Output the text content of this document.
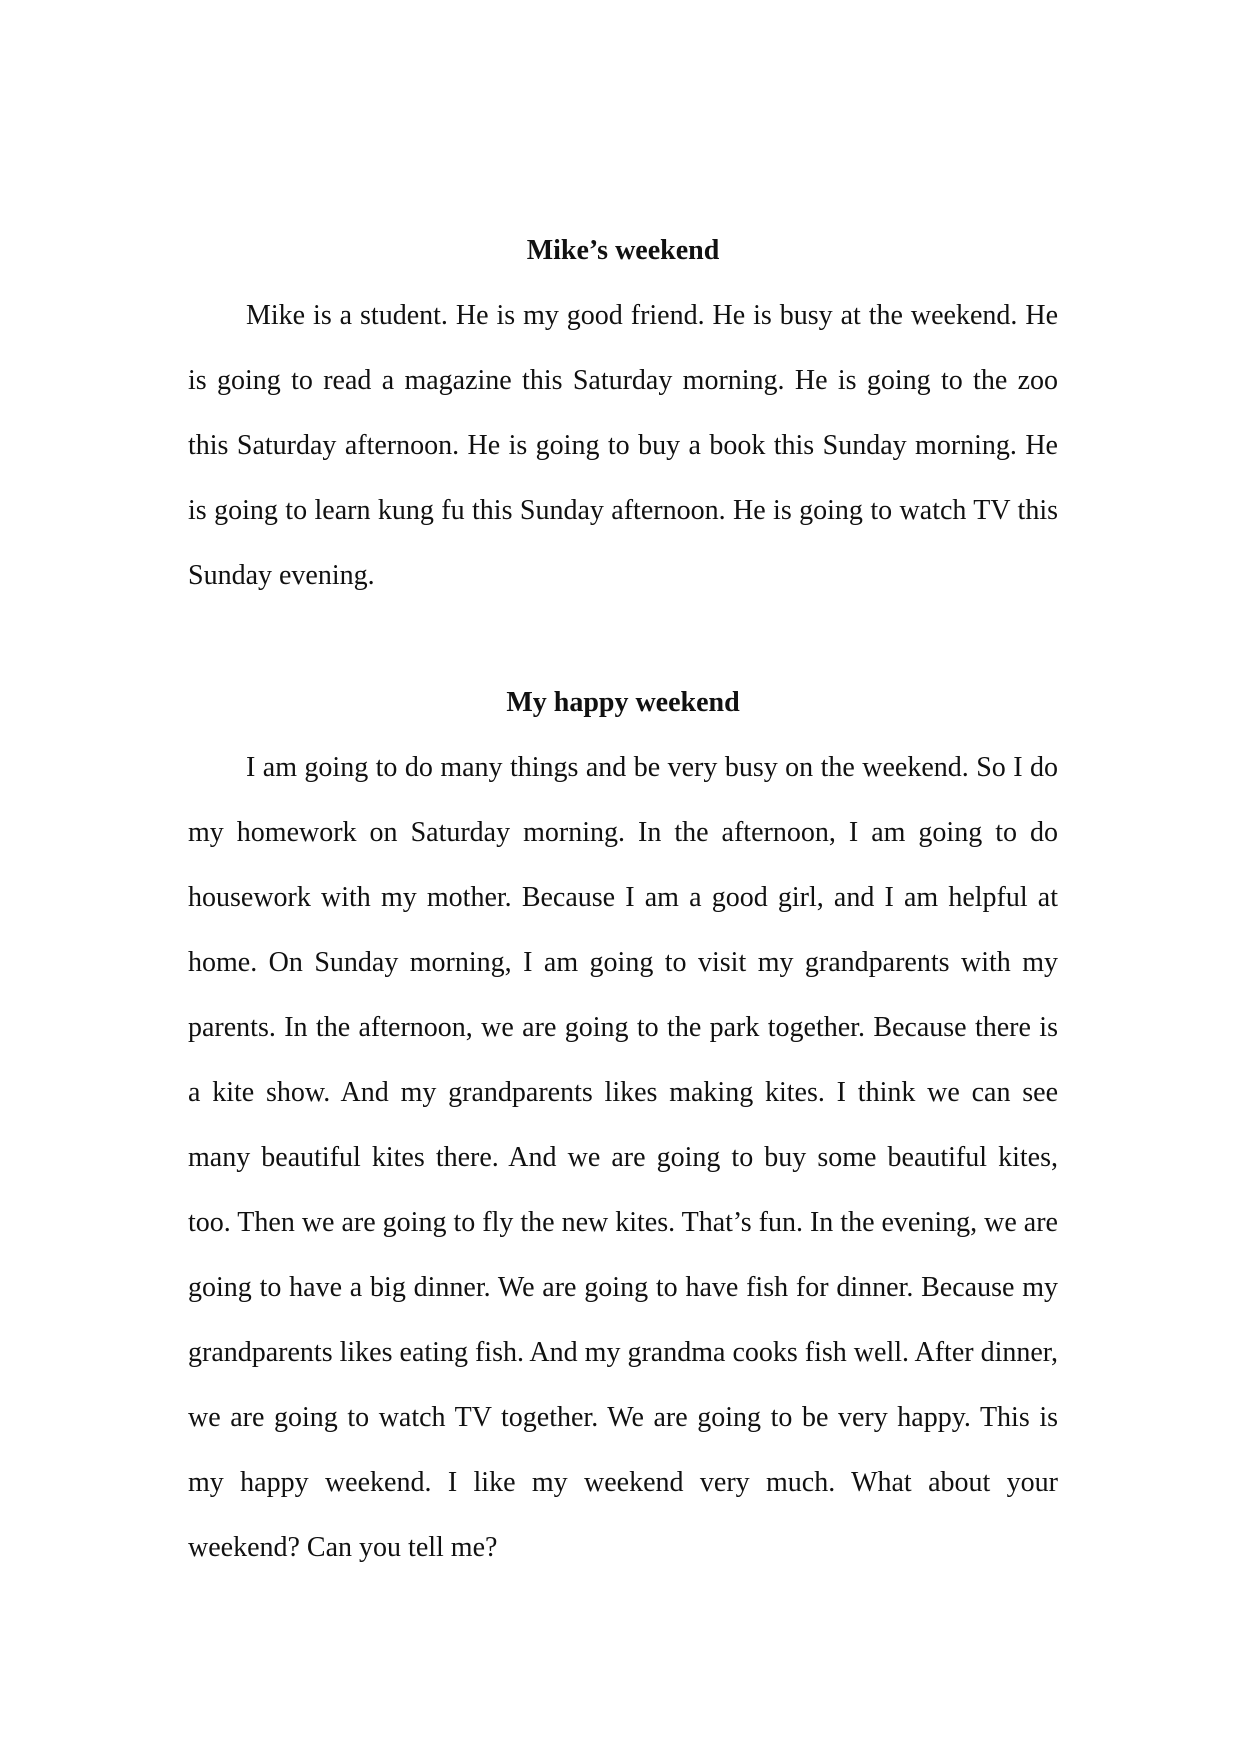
Mike’s weekend

Mike is a student. He is my good friend. He is busy at the weekend. He is going to read a magazine this Saturday morning. He is going to the zoo this Saturday afternoon. He is going to buy a book this Sunday morning. He is going to learn kung fu this Sunday afternoon. He is going to watch TV this Sunday evening.

My happy weekend

I am going to do many things and be very busy on the weekend. So I do my homework on Saturday morning. In the afternoon, I am going to do housework with my mother. Because I am a good girl, and I am helpful at home. On Sunday morning, I am going to visit my grandparents with my parents. In the afternoon, we are going to the park together. Because there is a kite show. And my grandparents likes making kites. I think we can see many beautiful kites there. And we are going to buy some beautiful kites, too. Then we are going to fly the new kites. That’s fun. In the evening, we are going to have a big dinner. We are going to have fish for dinner. Because my grandparents likes eating fish. And my grandma cooks fish well. After dinner, we are going to watch TV together. We are going to be very happy. This is my happy weekend. I like my weekend very much. What about your weekend? Can you tell me?
